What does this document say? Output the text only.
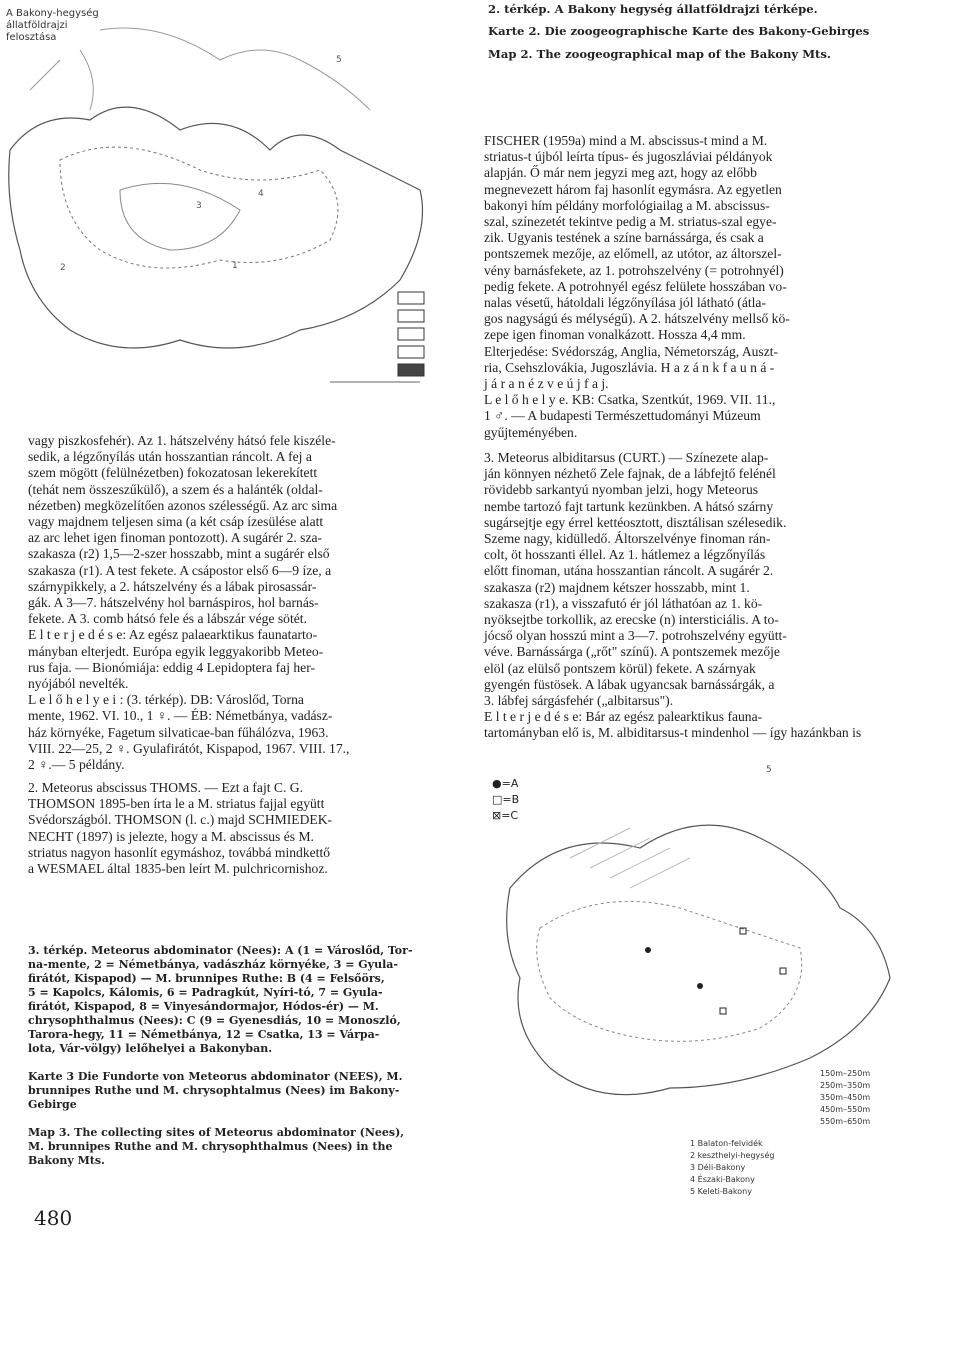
3
2	1
5
4
A Bakony-hegység
állatföldrajzi
felosztása
2. térkép. A Bakony hegység állatföldrajzi térképe.
Karte 2. Die zoogeographische Karte des Bakony-Gebirges
Map 2. The zoogeographical map of the Bakony Mts.
FISCHER (1959a) mind a M. abscissus-t mind a M.
striatus-t újból leírta típus- és jugoszláviai példányok
alapján. Ő már nem jegyzi meg azt, hogy az előbb
megnevezett három faj hasonlít egymásra. Az egyetlen
bakonyi hím példány morfológiailag a M. abscissus-
szal, színezetét tekintve pedig a M. striatus-szal egye-
zik. Ugyanis testének a színe barnássárga, és csak a
pontszemek mezője, az előmell, az utótor, az áltorszel-
vény barnásfekete, az 1. potrohszelvény (= potrohnyél)
pedig fekete. A potrohnyél egész felülete hosszában vo-
nalas vésetű, hátoldali légzőnyílása jól látható (átla-
gos nagyságú és mélységű). A 2. hátszelvény mellső kö-
zepe igen finoman vonalkázott. Hossza 4,4 mm.
Elterjedése: Svédország, Anglia, Németország, Auszt-
ria, Csehszlovákia, Jugoszlávia. H a z á n k f a u n á -
j á r a n é z v e ú j f a j.
L e l ő h e l y e. KB: Csatka, Szentkút, 1969. VII. 11.,
1 ♂. — A budapesti Természettudományi Múzeum
gyűjteményében.
3. Meteorus albiditarsus (CURT.) — Színezete alap-
ján könnyen nézhető Zele fajnak, de a lábfejtő felénél
rövidebb sarkantyú nyomban jelzi, hogy Meteorus
nembe tartozó fajt tartunk kezünkben. A hátsó szárny
sugársejtje egy érrel kettéosztott, disztálisan szélesedik.
Szeme nagy, kidülledő. Áltorszelvénye finoman rán-
colt, öt hosszanti éllel. Az 1. hátlemez a légzőnyílás
előtt finoman, utána hosszantian ráncolt. A sugárér 2.
szakasza (r2) majdnem kétszer hosszabb, mint 1.
szakasza (r1), a visszafutó ér jól láthatóan az 1. kö-
nyöksejtbe torkollik, az erecske (n) intersticiális. A to-
jócső olyan hosszú mint a 3—7. potrohszelvény együtt-
véve. Barnássárga („rőt" színű). A pontszemek mezője
elöl (az elülső pontszem körül) fekete. A szárnyak
gyengén füstösek. A lábak ugyancsak barnássárgák, a
3. lábfej sárgásfehér („albitarsus").
E l t e r j e d é s e: Bár az egész palearktikus fauna-
tartományban elő is, M. albiditarsus-t mindenhol — így hazánkban is
vagy piszkosfehér). Az 1. hátszelvény hátsó fele kiszéle-
sedik, a légzőnyílás után hosszantian ráncolt. A fej a
szem mögött (felülnézetben) fokozatosan lekerekített
(tehát nem összeszűkülő), a szem és a halánték (oldal-
nézetben) megközelítően azonos szélességű. Az arc sima
vagy majdnem teljesen sima (a két csáp ízesülése alatt
az arc lehet igen finoman pontozott). A sugárér 2. sza-
szakasza (r2) 1,5—2-szer hosszabb, mint a sugárér első
szakasza (r1). A test fekete. A csápostor első 6—9 íze, a
szárnypikkely, a 2. hátszelvény és a lábak pirosassár-
gák. A 3—7. hátszelvény hol barnáspiros, hol barnás-
fekete. A 3. comb hátsó fele és a lábszár vége sötét.
E l t e r j e d é s e: Az egész palaearktikus faunatarto-
mányban elterjedt. Európa egyik leggyakoribb Meteo-
rus faja. — Bionómiája: eddig 4 Lepidoptera faj her-
nyójából nevelték.
L e l ő h e l y e i : (3. térkép). DB: Városlőd, Torna
mente, 1962. VI. 10., 1 ♀. — ÉB: Németbánya, vadász-
ház környéke, Fagetum silvaticae-ban fűhálózva, 1963.
VIII. 22—25, 2 ♀. Gyulafirátót, Kispapod, 1967. VIII. 17.,
2 ♀.— 5 példány.
2. Meteorus abscissus THOMS. — Ezt a fajt C. G.
THOMSON 1895-ben írta le a M. striatus fajjal együtt
Svédországból. THOMSON (l. c.) majd SCHMIEDEK-
NECHT (1897) is jelezte, hogy a M. abscissus és M.
striatus nagyon hasonlít egymáshoz, továbbá mindkettő
a WESMAEL által 1835-ben leírt M. pulchricornishoz.
5
●=A
□=B
⊠=C
150m–250m
250m–350m
350m–450m
450m–550m
550m–650m
1 Balaton-felvidék
2 keszthelyi-hegység
3 Déli-Bakony
4 Északi-Bakony
5 Keleti-Bakony
3. térkép. Meteorus abdominator (Nees): A (1 = Városlőd, Tor-
na-mente, 2 = Németbánya, vadászház környéke, 3 = Gyula-
firátót, Kispapod) — M. brunnipes Ruthe: B (4 = Felsőörs,
5 = Kapolcs, Kálomis, 6 = Padragkút, Nyíri-tó, 7 = Gyula-
firátót, Kispapod, 8 = Vinyesándormajor, Hódos-ér) — M.
chrysophthalmus (Nees): C (9 = Gyenesdiás, 10 = Monoszló,
Tarora-hegy, 11 = Németbánya, 12 = Csatka, 13 = Várpa-
lota, Vár-völgy) lelőhelyei a Bakonyban.
Karte 3 Die Fundorte von Meteorus abdominator (NEES), M.
brunnipes Ruthe und M. chrysophtalmus (Nees) im Bakony-
Gebirge
Map 3. The collecting sites of Meteorus abdominator (Nees),
M. brunnipes Ruthe and M. chrysophthalmus (Nees) in the
Bakony Mts.
480
